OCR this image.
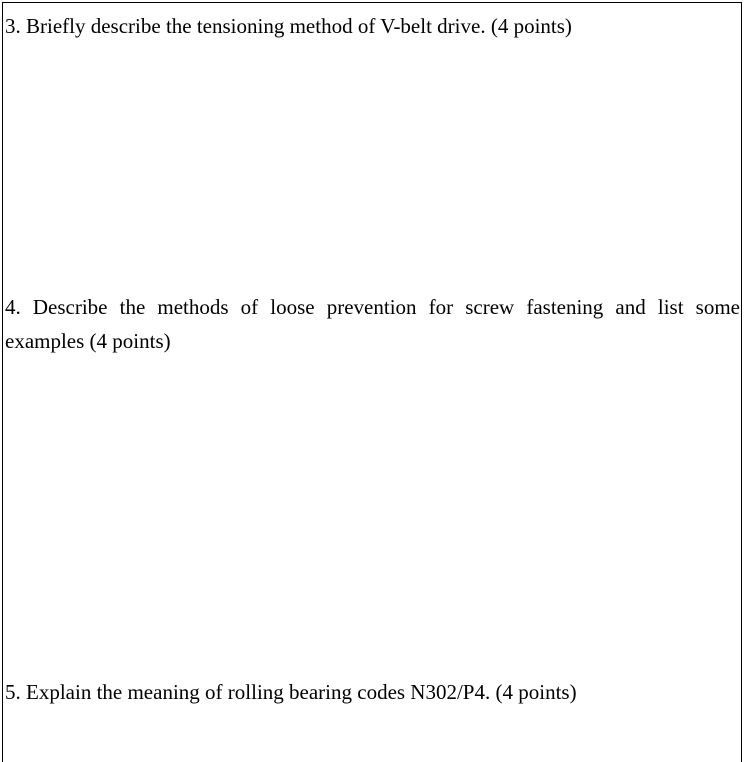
3. Briefly describe the tensioning method of V-belt drive. (4 points)

4. Describe the methods of loose prevention for screw fastening and list some
examples (4 points)

5. Explain the meaning of rolling bearing codes N302/P4. (4 points)
